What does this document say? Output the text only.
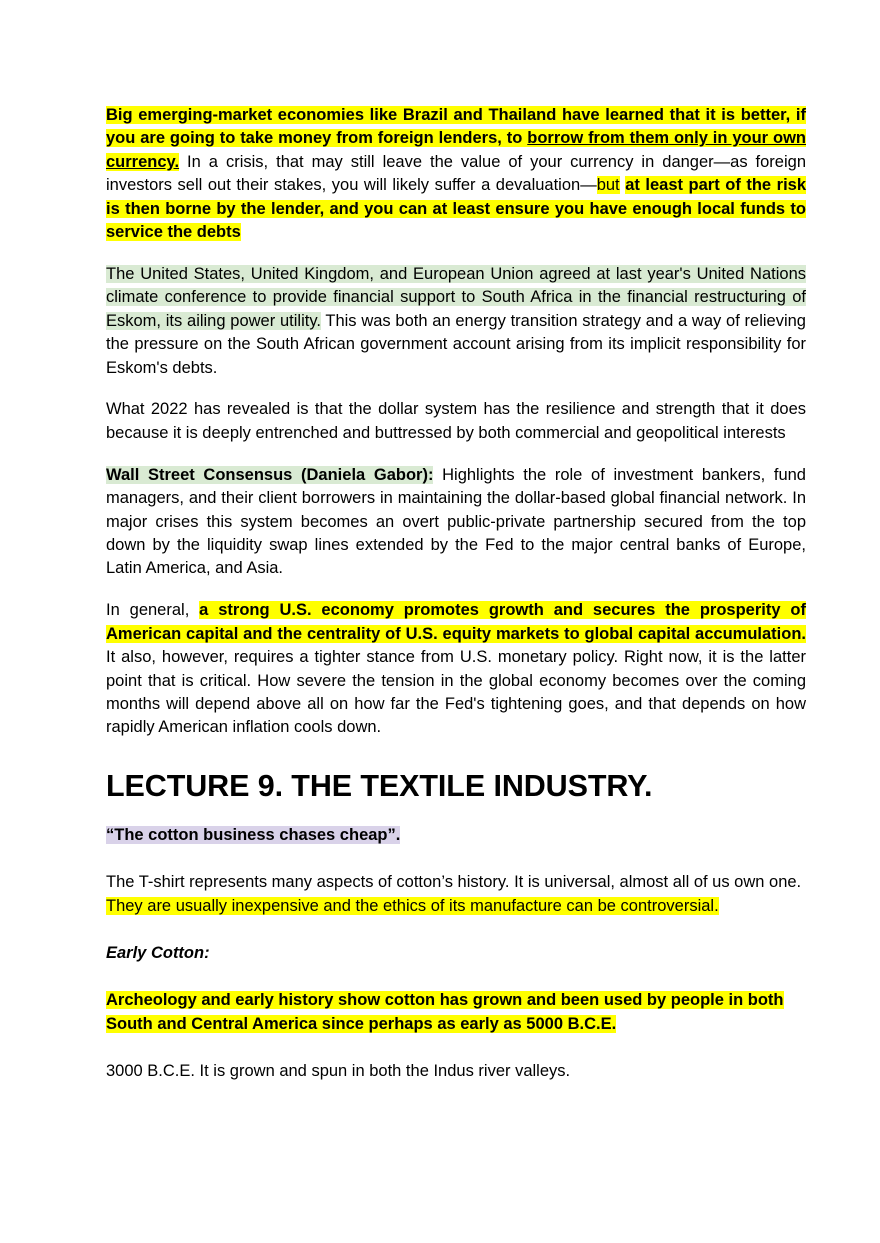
Big emerging-market economies like Brazil and Thailand have learned that it is better, if you are going to take money from foreign lenders, to borrow from them only in your own currency. In a crisis, that may still leave the value of your currency in danger—as foreign investors sell out their stakes, you will likely suffer a devaluation—but at least part of the risk is then borne by the lender, and you can at least ensure you have enough local funds to service the debts

The United States, United Kingdom, and European Union agreed at last year's United Nations climate conference to provide financial support to South Africa in the financial restructuring of Eskom, its ailing power utility. This was both an energy transition strategy and a way of relieving the pressure on the South African government account arising from its implicit responsibility for Eskom's debts.

What 2022 has revealed is that the dollar system has the resilience and strength that it does because it is deeply entrenched and buttressed by both commercial and geopolitical interests

Wall Street Consensus (Daniela Gabor): Highlights the role of investment bankers, fund managers, and their client borrowers in maintaining the dollar-based global financial network. In major crises this system becomes an overt public-private partnership secured from the top down by the liquidity swap lines extended by the Fed to the major central banks of Europe, Latin America, and Asia.

In general, a strong U.S. economy promotes growth and secures the prosperity of American capital and the centrality of U.S. equity markets to global capital accumulation. It also, however, requires a tighter stance from U.S. monetary policy. Right now, it is the latter point that is critical. How severe the tension in the global economy becomes over the coming months will depend above all on how far the Fed's tightening goes, and that depends on how rapidly American inflation cools down.

LECTURE 9. THE TEXTILE INDUSTRY.

“The cotton business chases cheap”.

The T-shirt represents many aspects of cotton’s history. It is universal, almost all of us own one. They are usually inexpensive and the ethics of its manufacture can be controversial.

Early Cotton:

Archeology and early history show cotton has grown and been used by people in both South and Central America since perhaps as early as 5000 B.C.E.

3000 B.C.E. It is grown and spun in both the Indus river valleys.
